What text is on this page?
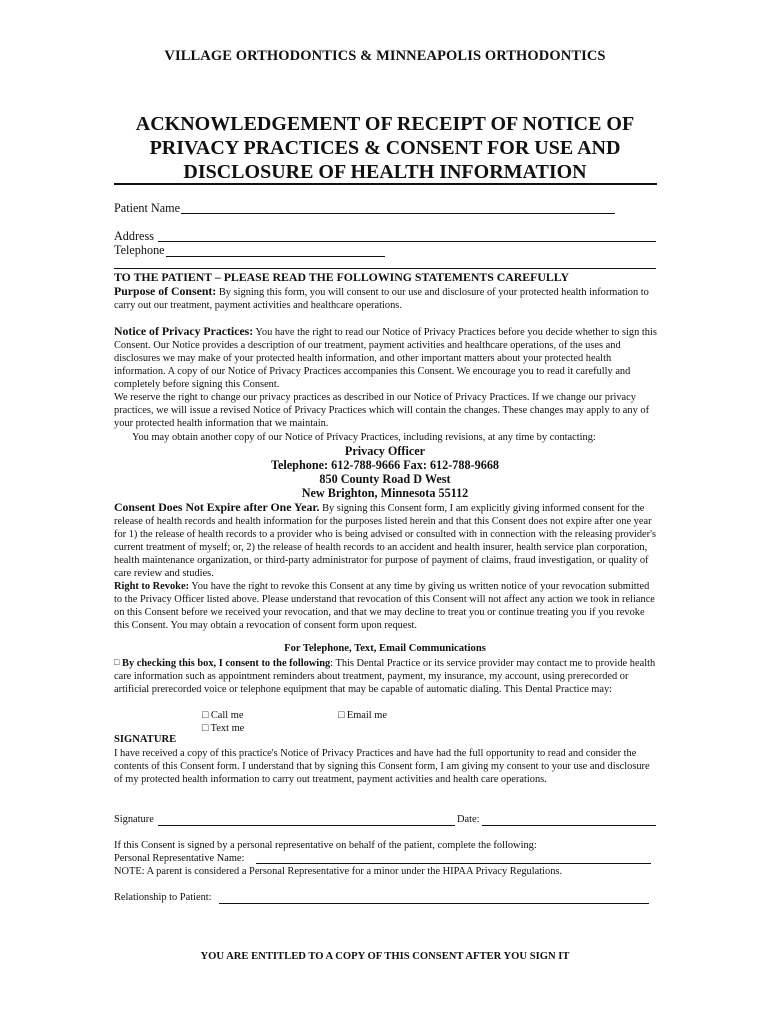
VILLAGE ORTHODONTICS & MINNEAPOLIS ORTHODONTICS
ACKNOWLEDGEMENT OF RECEIPT OF NOTICE OF
PRIVACY PRACTICES & CONSENT FOR USE AND
DISCLOSURE OF HEALTH INFORMATION
Patient Name
Address
Telephone
TO THE PATIENT – PLEASE READ THE FOLLOWING STATEMENTS CAREFULLY
Purpose of Consent: By signing this form, you will consent to our use and disclosure of your protected health information to carry out our treatment, payment activities and healthcare operations.
Notice of Privacy Practices: You have the right to read our Notice of Privacy Practices before you decide whether to sign this Consent. Our Notice provides a description of our treatment, payment activities and healthcare operations, of the uses and disclosures we may make of your protected health information, and other important matters about your protected health information. A copy of our Notice of Privacy Practices accompanies this Consent. We encourage you to read it carefully and completely before signing this Consent.
We reserve the right to change our privacy practices as described in our Notice of Privacy Practices. If we change our privacy practices, we will issue a revised Notice of Privacy Practices which will contain the changes. These changes may apply to any of your protected health information that we maintain.
You may obtain another copy of our Notice of Privacy Practices, including revisions, at any time by contacting:
Privacy Officer
Telephone: 612-788-9666 Fax: 612-788-9668
850 County Road D West
New Brighton, Minnesota 55112
Consent Does Not Expire after One Year. By signing this Consent form, I am explicitly giving informed consent for the release of health records and health information for the purposes listed herein and that this Consent does not expire after one year for 1) the release of health records to a provider who is being advised or consulted with in connection with the releasing provider's current treatment of myself; or, 2) the release of health records to an accident and health insurer, health service plan corporation, health maintenance organization, or third-party administrator for purpose of payment of claims, fraud investigation, or quality of care review and studies.
Right to Revoke: You have the right to revoke this Consent at any time by giving us written notice of your revocation submitted to the Privacy Officer listed above. Please understand that revocation of this Consent will not affect any action we took in reliance on this Consent before we received your revocation, and that we may decline to treat you or continue treating you if you revoke this Consent. You may obtain a revocation of consent form upon request.
For Telephone, Text, Email Communications
□ By checking this box, I consent to the following: This Dental Practice or its service provider may contact me to provide health care information such as appointment reminders about treatment, payment, my insurance, my account, using prerecorded or artificial prerecorded voice or telephone equipment that may be capable of automatic dialing. This Dental Practice may:
□ Call me	□ Email me
□ Text me
SIGNATURE
I have received a copy of this practice's Notice of Privacy Practices and have had the full opportunity to read and consider the contents of this Consent form. I understand that by signing this Consent form, I am giving my consent to your use and disclosure of my protected health information to carry out treatment, payment activities and health care operations.
Signature	Date:
If this Consent is signed by a personal representative on behalf of the patient, complete the following:
Personal Representative Name:
NOTE: A parent is considered a Personal Representative for a minor under the HIPAA Privacy Regulations.
Relationship to Patient:
YOU ARE ENTITLED TO A COPY OF THIS CONSENT AFTER YOU SIGN IT
